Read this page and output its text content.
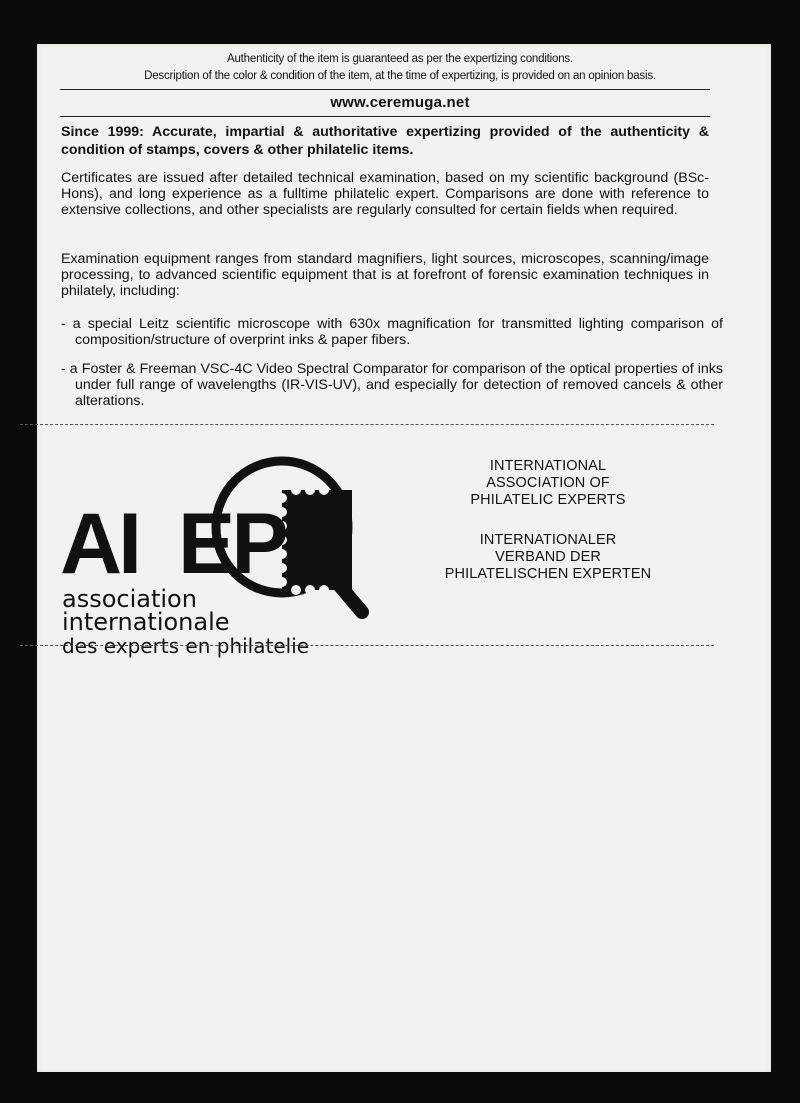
Authenticity of the item is guaranteed as per the expertizing conditions.
Description of the color & condition of the item, at the time of expertizing, is provided on an opinion basis.
www.ceremuga.net
Since 1999: Accurate, impartial & authoritative expertizing provided of the authenticity & condition of stamps, covers & other philatelic items.
Certificates are issued after detailed technical examination, based on my scientific background (BSc-Hons), and long experience as a fulltime philatelic expert. Comparisons are done with reference to extensive collections, and other specialists are regularly consulted for certain fields when required.
Examination equipment ranges from standard magnifiers, light sources, microscopes, scanning/image processing, to advanced scientific equipment that is at forefront of forensic examination techniques in philately, including:
- a special Leitz scientific microscope with 630x magnification for transmitted lighting comparison of composition/structure of overprint inks & paper fibers.
- a Foster & Freeman VSC-4C Video Spectral Comparator for comparison of the optical properties of inks under full range of wavelengths (IR-VIS-UV), and especially for detection of removed cancels & other alterations.
AI EP
association
internationale
des experts en philatelie
INTERNATIONAL
ASSOCIATION OF
PHILATELIC EXPERTS
INTERNATIONALER
VERBAND DER
PHILATELISCHEN EXPERTEN
